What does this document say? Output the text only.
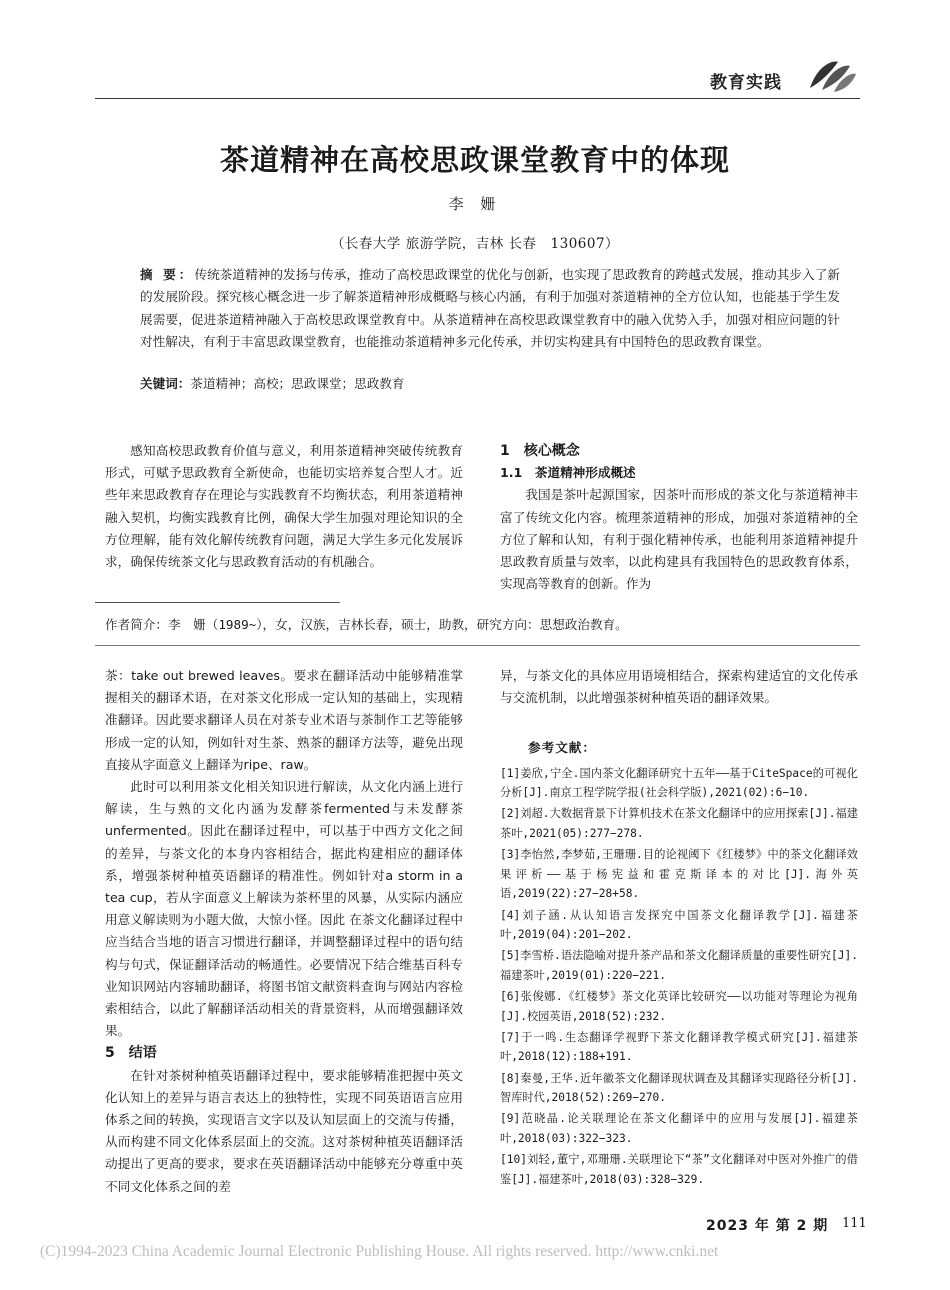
教育实践
茶道精神在高校思政课堂教育中的体现
李 姗
（长春大学 旅游学院，吉林 长春　130607）
摘 要：传统茶道精神的发扬与传承，推动了高校思政课堂的优化与创新，也实现了思政教育的跨越式发展，推动其步入了新的发展阶段。探究核心概念进一步了解茶道精神形成概略与核心内涵，有利于加强对茶道精神的全方位认知，也能基于学生发展需要，促进茶道精神融入于高校思政课堂教育中。从茶道精神在高校思政课堂教育中的融入优势入手，加强对相应问题的针对性解决，有利于丰富思政课堂教育，也能推动茶道精神多元化传承，并切实构建具有中国特色的思政教育课堂。
关键词：茶道精神；高校；思政课堂；思政教育

感知高校思政教育价值与意义，利用茶道精神突破传统教育形式，可赋予思政教育全新使命，也能切实培养复合型人才。近些年来思政教育存在理论与实践教育不均衡状态，利用茶道精神融入契机，均衡实践教育比例，确保大学生加强对理论知识的全方位理解，能有效化解传统教育问题，满足大学生多元化发展诉求，确保传统茶文化与思政教育活动的有机融合。

1　核心概念
1.1　茶道精神形成概述

我国是茶叶起源国家，因茶叶而形成的茶文化与茶道精神丰富了传统文化内容。梳理茶道精神的形成，加强对茶道精神的全方位了解和认知，有利于强化精神传承，也能利用茶道精神提升思政教育质量与效率，以此构建具有我国特色的思政教育体系，实现高等教育的创新。作为

作者简介：李　姗（1989~），女，汉族，吉林长春，硕士，助教，研究方向：思想政治教育。

茶：take out brewed leaves。要求在翻译活动中能够精准掌握相关的翻译术语，在对茶文化形成一定认知的基础上，实现精准翻译。因此要求翻译人员在对茶专业术语与茶制作工艺等能够形成一定的认知，例如针对生茶、熟茶的翻译方法等，避免出现直接从字面意义上翻译为ripe、raw。

此时可以利用茶文化相关知识进行解读，从文化内涵上进行解读，生与熟的文化内涵为发酵茶fermented与未发酵茶unfermented。因此在翻译过程中，可以基于中西方文化之间的差异，与茶文化的本身内容相结合，据此构建相应的翻译体系，增强茶树种植英语翻译的精准性。例如针对a storm in a tea cup，若从字面意义上解读为茶杯里的风暴，从实际内涵应用意义解读则为小题大做，大惊小怪。因此 在茶文化翻译过程中应当结合当地的语言习惯进行翻译，并调整翻译过程中的语句结构与句式，保证翻译活动的畅通性。必要情况下结合维基百科专业知识网站内容辅助翻译，将图书馆文献资料查询与网站内容检索相结合，以此了解翻译活动相关的背景资料，从而增强翻译效果。

5　结语

在针对茶树种植英语翻译过程中，要求能够精准把握中英文化认知上的差异与语言表达上的独特性，实现不同英语语言应用体系之间的转换，实现语言文字以及认知层面上的交流与传播，从而构建不同文化体系层面上的交流。这对茶树种植英语翻译活动提出了更高的要求，要求在英语翻译活动中能够充分尊重中英不同文化体系之间的差

异，与茶文化的具体应用语境相结合，探索构建适宜的文化传承与交流机制，以此增强茶树种植英语的翻译效果。

参考文献：
[1]姜欣,宁全.国内茶文化翻译研究十五年——基于CiteSpace的可视化分析[J].南京工程学院学报(社会科学版),2021(02):6−10.
[2]刘超.大数据背景下计算机技术在茶文化翻译中的应用探索[J].福建茶叶,2021(05):277−278.
[3]李怡然,李梦茹,王珊珊.目的论视阈下《红楼梦》中的茶文化翻译效果评析——基于杨宪益和霍克斯译本的对比[J].海外英语,2019(22):27−28+58.
[4]刘子涵.从认知语言发探究中国茶文化翻译教学[J].福建茶叶,2019(04):201−202.
[5]李雪桥.语法隐喻对提升茶产品和茶文化翻译质量的重要性研究[J].福建茶叶,2019(01):220−221.
[6]张俊娜.《红楼梦》茶文化英译比较研究——以功能对等理论为视角[J].校园英语,2018(52):232.
[7]于一鸣.生态翻译学视野下茶文化翻译教学模式研究[J].福建茶叶,2018(12):188+191.
[8]秦曼,王华.近年徽茶文化翻译现状调查及其翻译实现路径分析[J].智库时代,2018(52):269−270.
[9]范晓晶.论关联理论在茶文化翻译中的应用与发展[J].福建茶叶,2018(03):322−323.
[10]刘轻,董宁,邓珊珊.关联理论下“茶”文化翻译对中医对外推广的借鉴[J].福建茶叶,2018(03):328−329.
2023 年 第 2 期 111
(C)1994-2023 China Academic Journal Electronic Publishing House. All rights reserved. http://www.cnki.net
